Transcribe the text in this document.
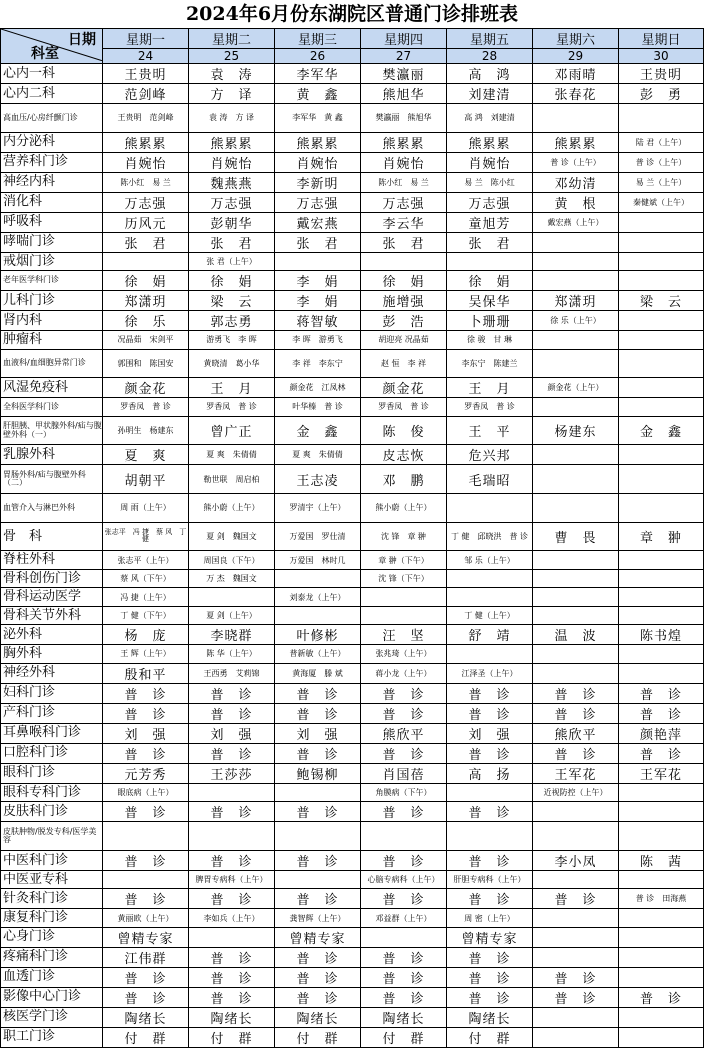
2024年6月份东湖院区普通门诊排班表
日期
科室	星期一	星期二	星期三	星期四	星期五	星期六	星期日
	24	25	26	27	28	29	30
心内一科	王贵明	袁　涛	李军华	樊瀛丽	高　鸿	邓雨晴	王贵明
心内二科	范剑峰	方　译	黄　鑫	熊旭华	刘建清	张春花	彭　勇
高血压/心房纤颤门诊	王贵明　范剑峰	袁 涛　方 译	李军华　黄 鑫	樊瀛丽　熊旭华	高 鸿　刘建清		
内分泌科	熊累累	熊累累	熊累累	熊累累	熊累累	熊累累	陆 君（上午）
营养科门诊	肖婉怡	肖婉怡	肖婉怡	肖婉怡	肖婉怡	普 诊（上午）	普 诊（上午）
神经内科	陈小红　易 兰	魏燕燕	李新明	陈小红　易 兰	易 兰　陈小红	邓幼清	易 兰（上午）
消化科	万志强	万志强	万志强	万志强	万志强	黄　根	秦健斌（上午）
呼吸科	历风元	彭朝华	戴宏燕	李云华	童旭芳	戴宏燕（上午）	
哮喘门诊	张　君	张　君	张　君	张　君	张　君		
戒烟门诊		张 君（上午）					
老年医学科门诊	徐　娟	徐　娟	李　娟	徐　娟	徐　娟		
儿科门诊	郑潇玥	梁　云	李　娟	施增强	吴保华	郑潇玥	梁　云
肾内科	徐　乐	郭志勇	蒋智敏	彭　浩	卜珊珊	徐 乐（上午）	
肿瘤科	况晶茹　宋剑平	游勇飞　李 晖	李 晖　游勇飞	胡迎亮 况晶茹	徐 骏　甘 琳		
血液科/血细胞异常门诊	郭围和　陈国安	黄晓清　葛小华	李 祥　李东宁	赵 恒　李 祥	李东宁　陈建兰		
风湿免疫科	颜金花	王　月	颜金花　江凤林	颜金花	王　月	颜金花（上午）	
全科医学科门诊	罗香凤　普 诊	罗香凤　普 诊	叶华榛　普 诊	罗香凤　普 诊	罗香凤　普 诊		
肝胆胰、甲状腺外科/疝与腹壁外科（一）	孙明生　杨建东	曾广正	金　鑫	陈　俊	王　平	杨建东	金　鑫
乳腺外科	夏　爽	夏 爽　朱倩倩	夏 爽　朱倩倩	皮志恢	危兴邦		
胃肠外科/疝与腹壁外科（二）	胡朝平	勒世联　周启柏	王志凌	邓　鹏	毛瑞昭		
血管介入与淋巴外科	周 雨（上午）	熊小蔚（上午）	罗清宇（上午）	熊小蔚（上午）			
骨　科	张志平　冯 捷　蔡 风　丁 健	夏 剑　魏国文	万爱国　罗仕清	沈 锋　章 翀	丁 健　邱晓洪　普 诊	曹　畏	章　翀
脊柱外科	张志平（上午）	周国良（下午）	万爱国　林时几	章 翀（下午）	邹 乐（上午）		
骨科创伤门诊	蔡 风（下午）	万 杰　魏国文		沈 锋（下午）			
骨科运动医学	冯 捷（上午）		刘泰龙（上午）				
骨科关节外科	丁 健（下午）	夏 剑（上午）			丁 健（上午）		
泌外科	杨　庞	李晓群	叶修彬	汪　坚	舒　靖	温　波	陈书煌
胸外科	王 辉（上午）	陈 华（上午）	普新敏（上午）	张兆琦（上午）			
神经外科	殷和平	王西勇　艾莉锦	黄海厦　滕 斌	蒋小龙（上午）	江泽圣（上午）		
妇科门诊	普　诊	普　诊	普　诊	普　诊	普　诊	普　诊	普　诊
产科门诊	普　诊	普　诊	普　诊	普　诊	普　诊	普　诊	普　诊
耳鼻喉科门诊	刘　强	刘　强	刘　强	熊欣平	刘　强	熊欣平	颜艳萍
口腔科门诊	普　诊	普　诊	普　诊	普　诊	普　诊	普　诊	普　诊
眼科门诊	元芳秀	王莎莎	鲍锡柳	肖国蓓	高　扬	王军花	王军花
眼科专科门诊	眼底病（上午）			角膜病（下午）		近视防控（上午）	
皮肤科门诊	普　诊	普　诊	普　诊	普　诊	普　诊		
皮肤肿物/脱发专科/医学美容							
中医科门诊	普　诊	普　诊	普　诊	普　诊	普　诊	李小凤	陈　茜
中医亚专科		脾胃专病科（上午）		心脑专病科（上午）	肝胆专病科（上午）		
针灸科门诊	普　诊	普　诊	普　诊	普　诊	普　诊	普　诊	普 诊　田海燕
康复科门诊	黄丽欧（上午）	李如兵（上午）	龚智辉（上午）	邓益群（上午）	周 密（上午）		
心身门诊	曾精专家		曾精专家		曾精专家		
疼痛科门诊	江伟群	普　诊	普　诊	普　诊	普　诊		
血透门诊	普　诊	普　诊	普　诊	普　诊	普　诊	普　诊	
影像中心门诊	普　诊	普　诊	普　诊	普　诊	普　诊	普　诊	普　诊
核医学门诊	陶绪长	陶绪长	陶绪长	陶绪长	陶绪长		
职工门诊	付　群	付　群	付　群	付　群	付　群		
